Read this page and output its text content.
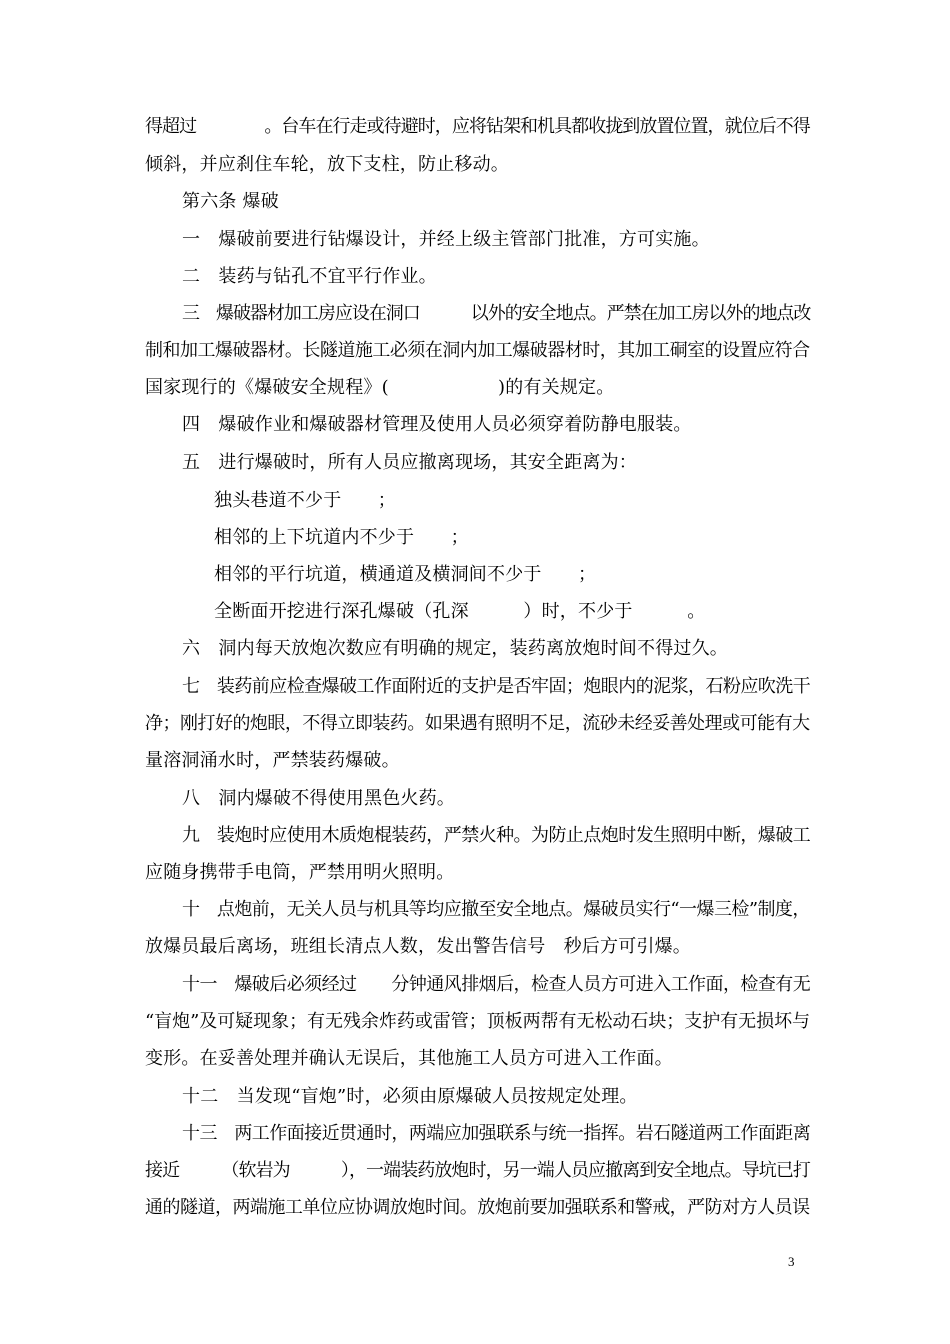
得超过　　　　。台车在行走或待避时，应将钻架和机具都收拢到放置位置，就位后不得
倾斜，并应刹住车轮，放下支柱，防止移动。
第六条 爆破
一　爆破前要进行钻爆设计，并经上级主管部门批准，方可实施。
二　装药与钻孔不宜平行作业。
三　爆破器材加工房应设在洞口　　　以外的安全地点。严禁在加工房以外的地点改
制和加工爆破器材。长隧道施工必须在洞内加工爆破器材时，其加工硐室的设置应符合
国家现行的《爆破安全规程》(　　　　　　)的有关规定。
四　爆破作业和爆破器材管理及使用人员必须穿着防静电服装。
五　进行爆破时，所有人员应撤离现场，其安全距离为：
独头巷道不少于　　；
相邻的上下坑道内不少于　　；
相邻的平行坑道，横通道及横洞间不少于　　；
全断面开挖进行深孔爆破（孔深　　　）时，不少于　　　。
六　洞内每天放炮次数应有明确的规定，装药离放炮时间不得过久。
七　装药前应检查爆破工作面附近的支护是否牢固；炮眼内的泥浆，石粉应吹洗干
净；刚打好的炮眼，不得立即装药。如果遇有照明不足，流砂未经妥善处理或可能有大
量溶洞涌水时，严禁装药爆破。
八　洞内爆破不得使用黑色火药。
九　装炮时应使用木质炮棍装药，严禁火种。为防止点炮时发生照明中断，爆破工
应随身携带手电筒，严禁用明火照明。
十　点炮前，无关人员与机具等均应撤至安全地点。爆破员实行“一爆三检”制度，
放爆员最后离场，班组长清点人数，发出警告信号　秒后方可引爆。
十一　爆破后必须经过　　分钟通风排烟后，检查人员方可进入工作面，检查有无
“盲炮”及可疑现象；有无残余炸药或雷管；顶板两帮有无松动石块；支护有无损坏与
变形。在妥善处理并确认无误后，其他施工人员方可进入工作面。
十二　当发现“盲炮”时，必须由原爆破人员按规定处理。
十三　两工作面接近贯通时，两端应加强联系与统一指挥。岩石隧道两工作面距离
接近　　　（软岩为　　　），一端装药放炮时，另一端人员应撤离到安全地点。导坑已打
通的隧道，两端施工单位应协调放炮时间。放炮前要加强联系和警戒，严防对方人员误
3
